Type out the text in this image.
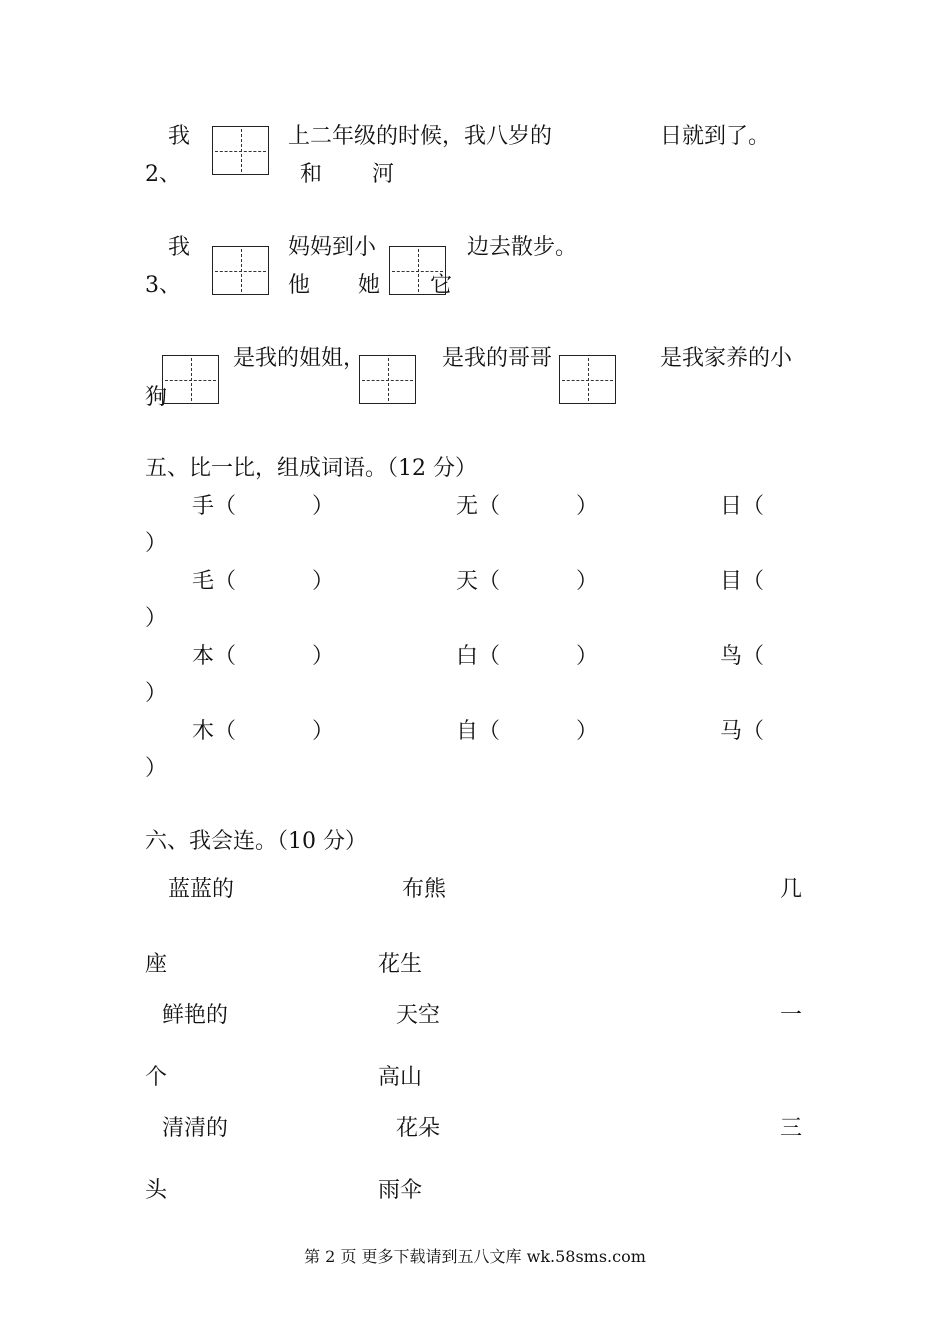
我	上二年级的时候，我八岁的	日就到了。
2、	和 河
我	妈妈到小	边去散步。
3、	他 她 它
狗
是我的姐姐，	是我的哥哥	是我家养的小
五、比一比，组成词语。（12 分）
手（	）	无（	）	日（
）
毛（	）	天（	）	目（
）
本（	）	白（	）	鸟（
）
木（	）	自（	）	马（
）
六、我会连。（10 分）
蓝蓝的	布熊	几
座	花生
鲜艳的	天空	一
个	高山
清清的	花朵	三
头	雨伞
第 2 页 更多下载请到五八文库 wk.58sms.com
